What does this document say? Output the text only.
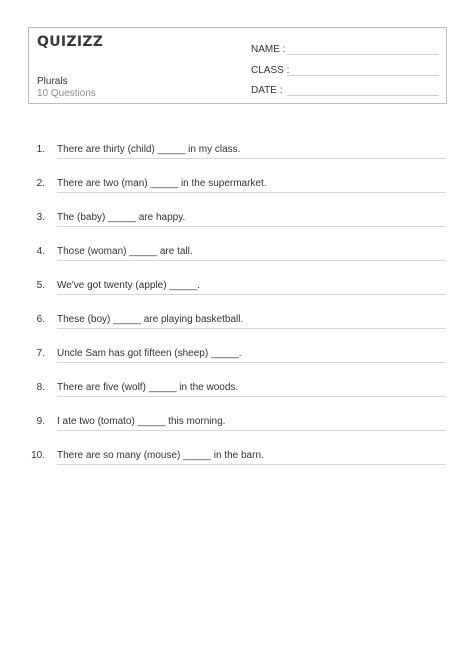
QUIZIZZ
Plurals
10 Questions
NAME :
CLASS :
DATE :
1. There are thirty (child) _____ in my class.
2. There are two (man) _____ in the supermarket.
3. The (baby) _____ are happy.
4. Those (woman) _____ are tall.
5. We've got twenty (apple) _____.
6. These (boy) _____ are playing basketball.
7. Uncle Sam has got fifteen (sheep) _____.
8. There are five (wolf) _____ in the woods.
9. I ate two (tomato) _____ this morning.
10. There are so many (mouse) _____ in the barn.
